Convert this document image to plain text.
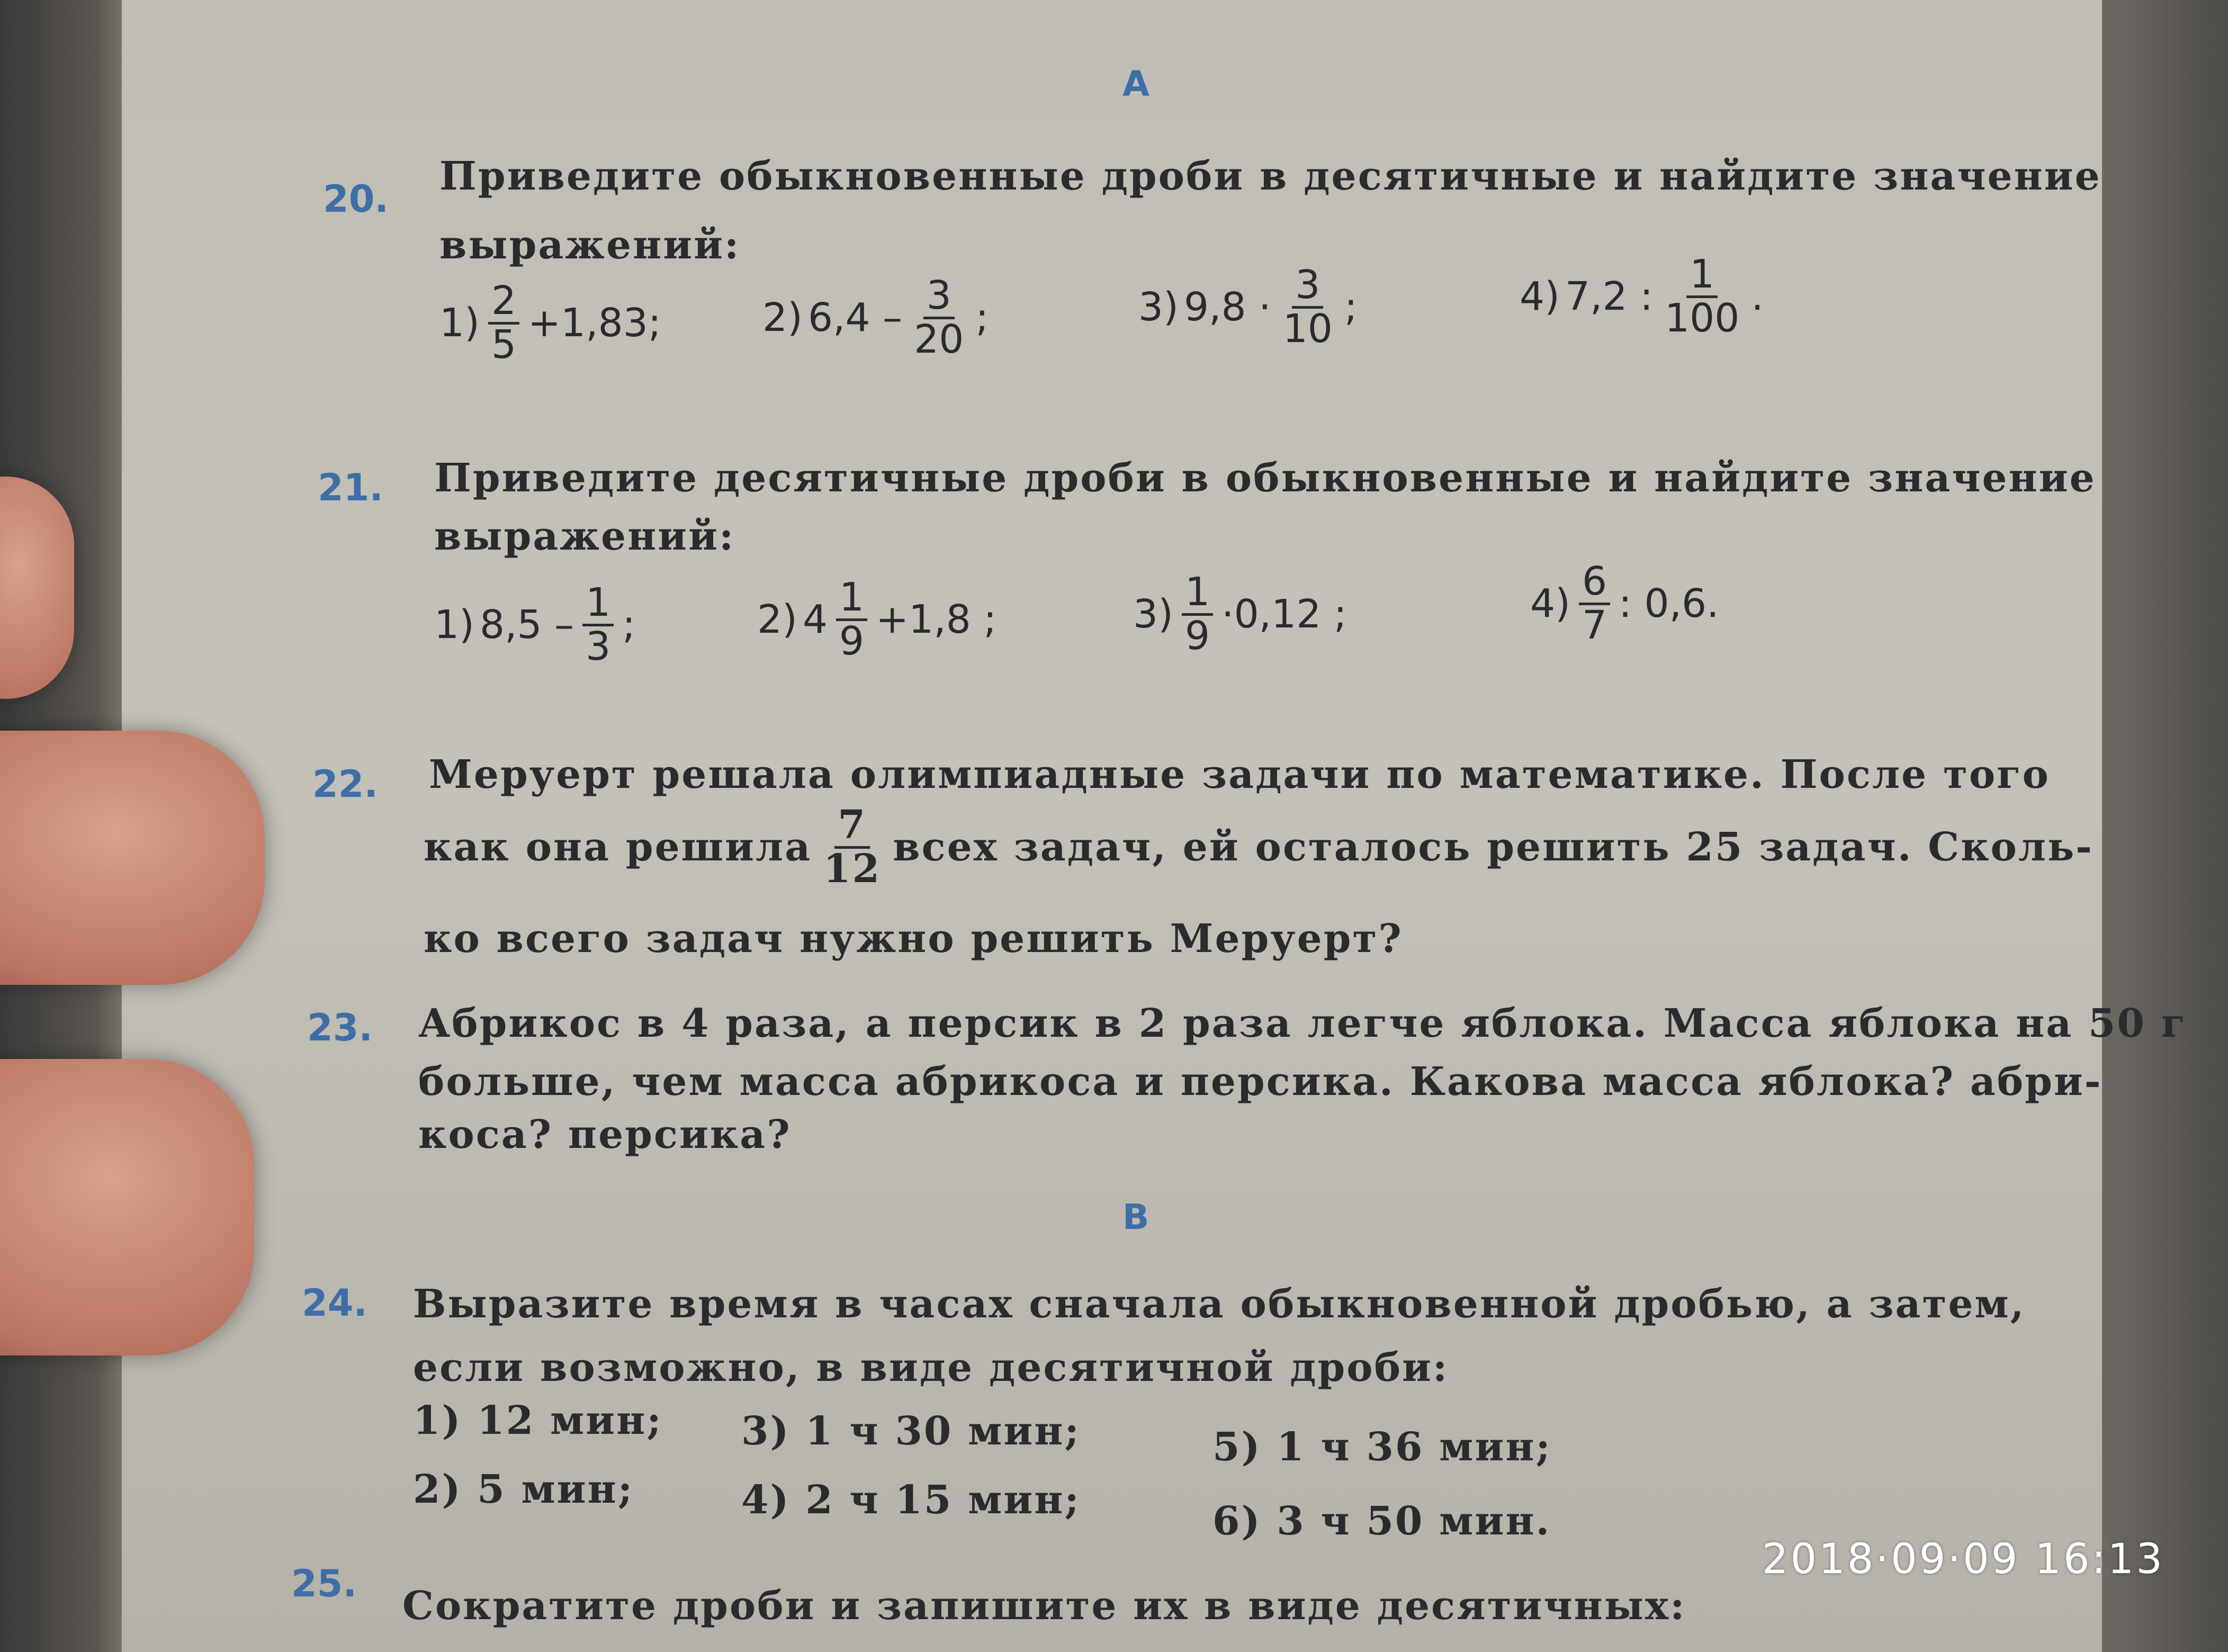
A
20. Приведите обыкновенные дроби в десятичные и найдите значение
выражений:
$1) \frac{2}{5} +1,83$;	2) $6,4 - \frac{3}{20}$ ;	3) $9,8 \cdot \frac{3}{10}$ ;	4) 7,2 : $\frac{1}{100}$ .
21. Приведите десятичные дроби в обыкновенные и найдите значение
выражений:
1) $8,5 - \frac{1}{3}$ ;	2) $4 \frac{1}{9} +1,8$ ;	$3) \frac{1}{9} \cdot 0,12$ ;	$4) \frac{6}{7}$ : 0,6.
22. Меруерт решала олимпиадные задачи по математике. После того
как она решила $\frac{7}{12}$ всех задач, ей осталось решить 25 задач. Сколь-
ко всего задач нужно решить Меруерт?
23. Абрикос в 4 раза, а персик в 2 раза легче яблока. Масса яблока на 50 г
больше, чем масса абрикоса и персика. Какова масса яблока? абри-
коса? персика?
B
24. Выразите время в часах сначала обыкновенной дробью, а затем,
если возможно, в виде десятичной дроби:
1) 12 мин; 3) 1 ч 30 мин;	5) 1 ч 36 мин;
2) 5 мин;	4) 2 ч 15 мин;	6) 3 ч 50 мин.
25. Сократите дроби и запишите их в виде десятичных:
2018·09·09 16:13
